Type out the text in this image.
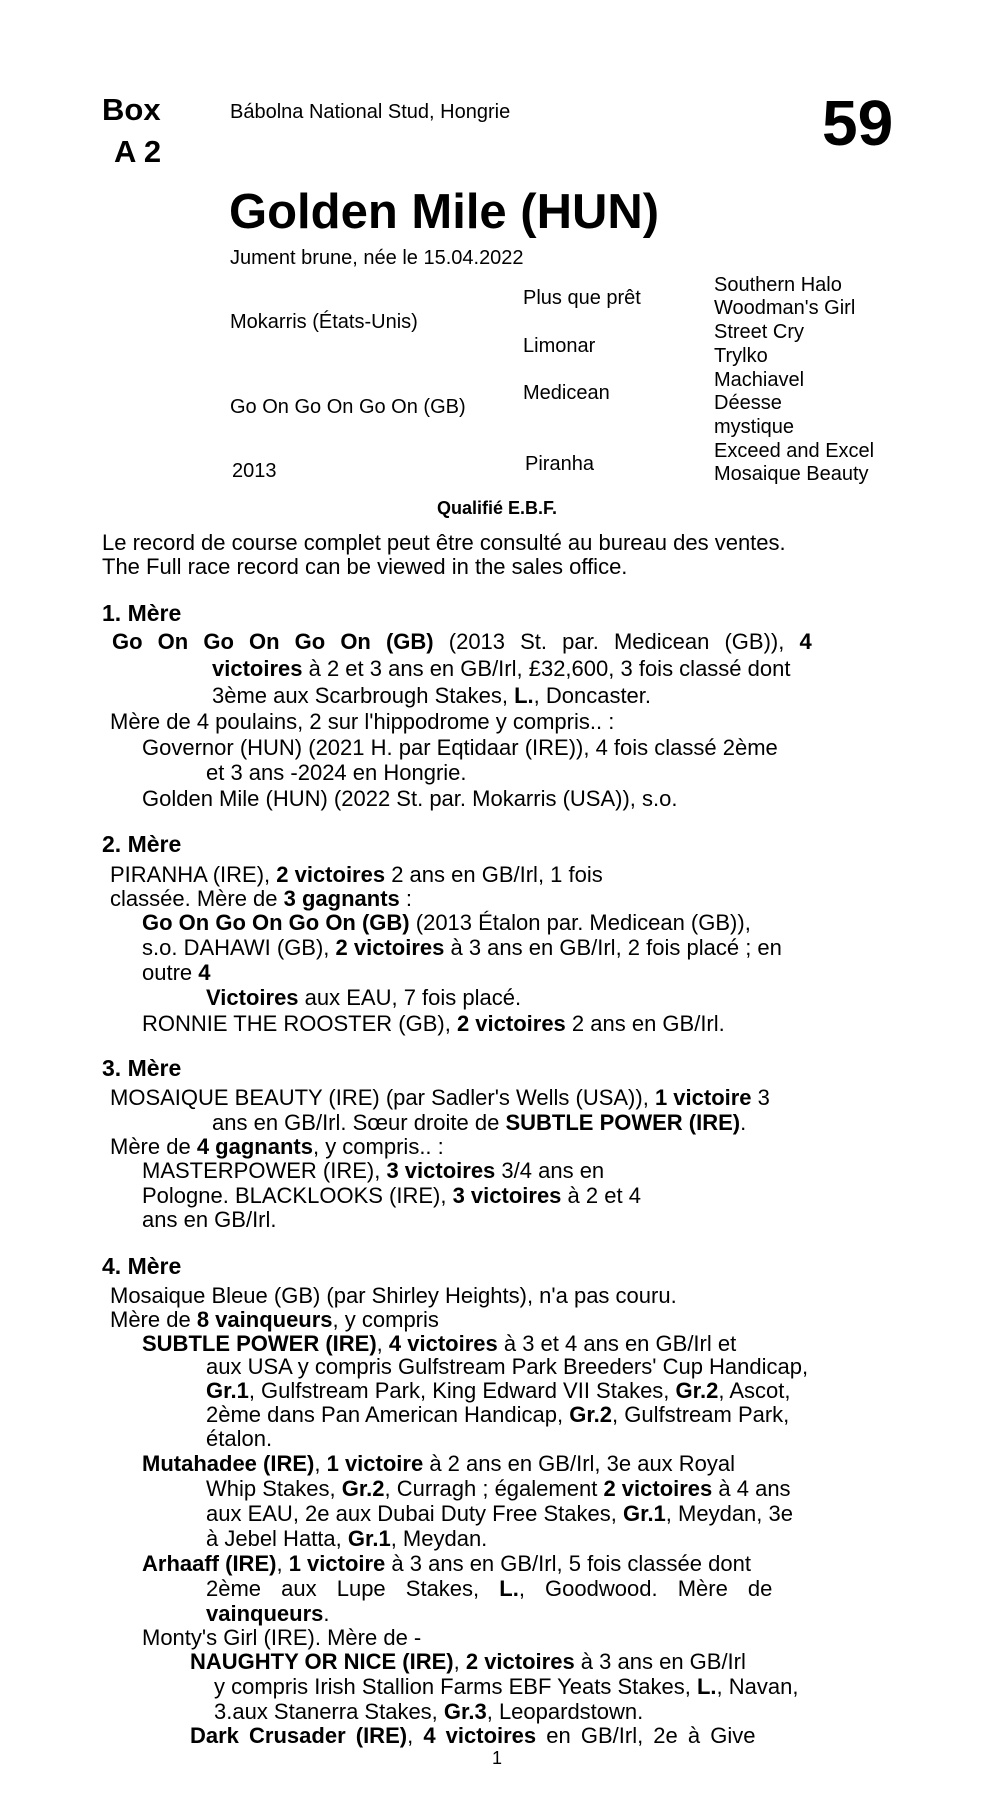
Box
A 2
Bábolna National Stud, Hongrie	59
Golden Mile (HUN)
Jument brune, née le 15.04.2022
Mokarris (États-Unis)
Go On Go On Go On (GB)
2013
Plus que prêt
Limonar
Medicean
Piranha
Southern Halo
Woodman's Girl
Street Cry
Trylko
Machiavel
Déesse
mystique
Exceed and Excel
Mosaique Beauty
Qualifié E.B.F.
Le record de course complet peut être consulté au bureau des ventes.
The Full race record can be viewed in the sales office.
1. Mère
Go On Go On Go On (GB) (2013 St. par. Medicean (GB)), 4
victoires à 2 et 3 ans en GB/Irl, £32,600, 3 fois classé dont
3ème aux Scarbrough Stakes, L., Doncaster.
Mère de 4 poulains, 2 sur l'hippodrome y compris.. :
Governor (HUN) (2021 H. par Eqtidaar (IRE)), 4 fois classé 2ème
et 3 ans -2024 en Hongrie.
Golden Mile (HUN) (2022 St. par. Mokarris (USA)), s.o.
2. Mère
PIRANHA (IRE), 2 victoires 2 ans en GB/Irl, 1 fois
classée. Mère de 3 gagnants :
Go On Go On Go On (GB) (2013 Étalon par. Medicean (GB)),
s.o. DAHAWI (GB), 2 victoires à 3 ans en GB/Irl, 2 fois placé ; en
outre 4
Victoires aux EAU, 7 fois placé.
RONNIE THE ROOSTER (GB), 2 victoires 2 ans en GB/Irl.
3. Mère
MOSAIQUE BEAUTY (IRE) (par Sadler's Wells (USA)), 1 victoire 3
ans en GB/Irl. Sœur droite de SUBTLE POWER (IRE).
Mère de 4 gagnants, y compris.. :
MASTERPOWER (IRE), 3 victoires 3/4 ans en
Pologne. BLACKLOOKS (IRE), 3 victoires à 2 et 4
ans en GB/Irl.
4. Mère
Mosaique Bleue (GB) (par Shirley Heights), n'a pas couru.
Mère de 8 vainqueurs, y compris
SUBTLE POWER (IRE), 4 victoires à 3 et 4 ans en GB/Irl et
aux USA y compris Gulfstream Park Breeders' Cup Handicap,
Gr.1, Gulfstream Park, King Edward VII Stakes, Gr.2, Ascot,
2ème dans Pan American Handicap, Gr.2, Gulfstream Park,
étalon.
Mutahadee (IRE), 1 victoire à 2 ans en GB/Irl, 3e aux Royal
Whip Stakes, Gr.2, Curragh ; également 2 victoires à 4 ans
aux EAU, 2e aux Dubai Duty Free Stakes, Gr.1, Meydan, 3e
à Jebel Hatta, Gr.1, Meydan.
Arhaaff (IRE), 1 victoire à 3 ans en GB/Irl, 5 fois classée dont
2ème aux Lupe Stakes, L., Goodwood. Mère de
vainqueurs.
Monty's Girl (IRE). Mère de -
NAUGHTY OR NICE (IRE), 2 victoires à 3 ans en GB/Irl
y compris Irish Stallion Farms EBF Yeats Stakes, L., Navan,
3.aux Stanerra Stakes, Gr.3, Leopardstown.
Dark Crusader (IRE), 4 victoires en GB/Irl, 2e à Give
1
